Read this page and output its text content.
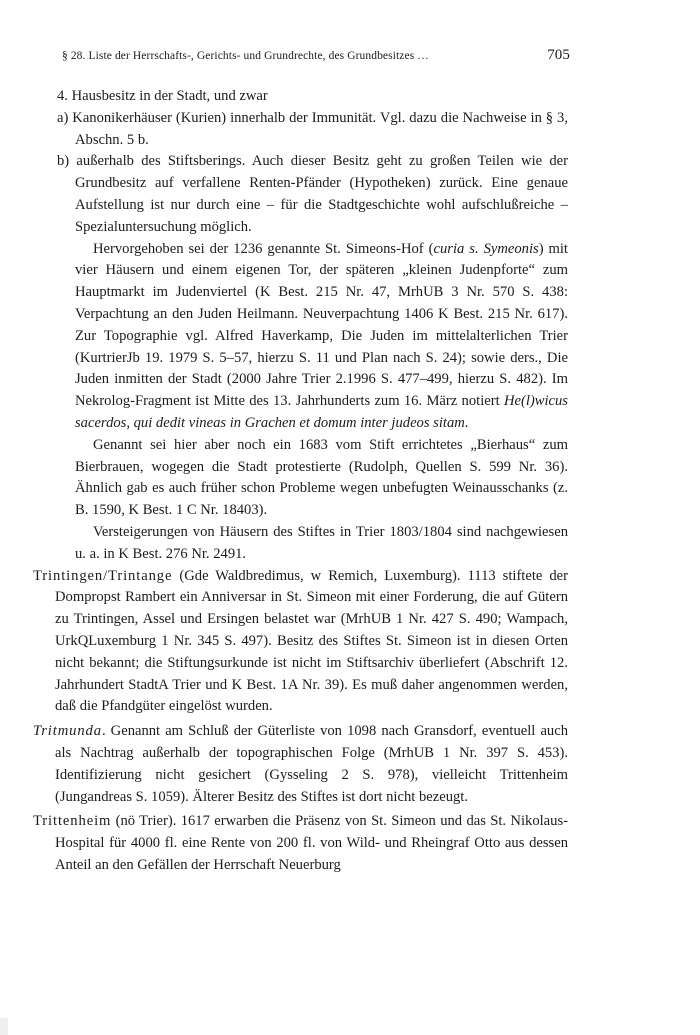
§ 28. Liste der Herrschafts-, Gerichts- und Grundrechte, des Grundbesitzes …	705

4. Hausbesitz in der Stadt, und zwar

a) Kanonikerhäuser (Kurien) innerhalb der Immunität. Vgl. dazu die Nachweise in § 3, Abschn. 5 b.

b) außerhalb des Stiftsberings. Auch dieser Besitz geht zu großen Teilen wie der Grundbesitz auf verfallene Renten-Pfänder (Hypotheken) zurück. Eine genaue Aufstellung ist nur durch eine – für die Stadtgeschichte wohl aufschlußreiche – Spezialuntersuchung möglich.

Hervorgehoben sei der 1236 genannte St. Simeons-Hof (curia s. Symeonis) mit vier Häusern und einem eigenen Tor, der späteren „kleinen Judenpforte“ zum Hauptmarkt im Judenviertel (K Best. 215 Nr. 47, MrhUB 3 Nr. 570 S. 438: Verpachtung an den Juden Heilmann. Neuverpachtung 1406 K Best. 215 Nr. 617). Zur Topographie vgl. Alfred Haverkamp, Die Juden im mittelalterlichen Trier (KurtrierJb 19. 1979 S. 5–57, hierzu S. 11 und Plan nach S. 24); sowie ders., Die Juden inmitten der Stadt (2000 Jahre Trier 2.1996 S. 477–499, hierzu S. 482). Im Nekrolog-Fragment ist Mitte des 13. Jahrhunderts zum 16. März notiert He(l)wicus sacerdos, qui dedit vineas in Grachen et domum inter judeos sitam.

Genannt sei hier aber noch ein 1683 vom Stift errichtetes „Bierhaus“ zum Bierbrauen, wogegen die Stadt protestierte (Rudolph, Quellen S. 599 Nr. 36). Ähnlich gab es auch früher schon Probleme wegen unbefugten Weinausschanks (z. B. 1590, K Best. 1 C Nr. 18403).

Versteigerungen von Häusern des Stiftes in Trier 1803/1804 sind nachgewiesen u. a. in K Best. 276 Nr. 2491.

Trintingen/Trintange (Gde Waldbredimus, w Remich, Luxemburg). 1113 stiftete der Dompropst Rambert ein Anniversar in St. Simeon mit einer Forderung, die auf Gütern zu Trintingen, Assel und Ersingen belastet war (MrhUB 1 Nr. 427 S. 490; Wampach, UrkQLuxemburg 1 Nr. 345 S. 497). Besitz des Stiftes St. Simeon ist in diesen Orten nicht bekannt; die Stiftungsurkunde ist nicht im Stiftsarchiv überliefert (Abschrift 12. Jahrhundert StadtA Trier und K Best. 1A Nr. 39). Es muß daher angenommen werden, daß die Pfandgüter eingelöst wurden.

Tritmunda. Genannt am Schluß der Güterliste von 1098 nach Gransdorf, eventuell auch als Nachtrag außerhalb der topographischen Folge (MrhUB 1 Nr. 397 S. 453). Identifizierung nicht gesichert (Gysseling 2 S. 978), vielleicht Trittenheim (Jungandreas S. 1059). Älterer Besitz des Stiftes ist dort nicht bezeugt.

Trittenheim (nö Trier). 1617 erwarben die Präsenz von St. Simeon und das St. Nikolaus-Hospital für 4000 fl. eine Rente von 200 fl. von Wild- und Rheingraf Otto aus dessen Anteil an den Gefällen der Herrschaft Neuerburg
